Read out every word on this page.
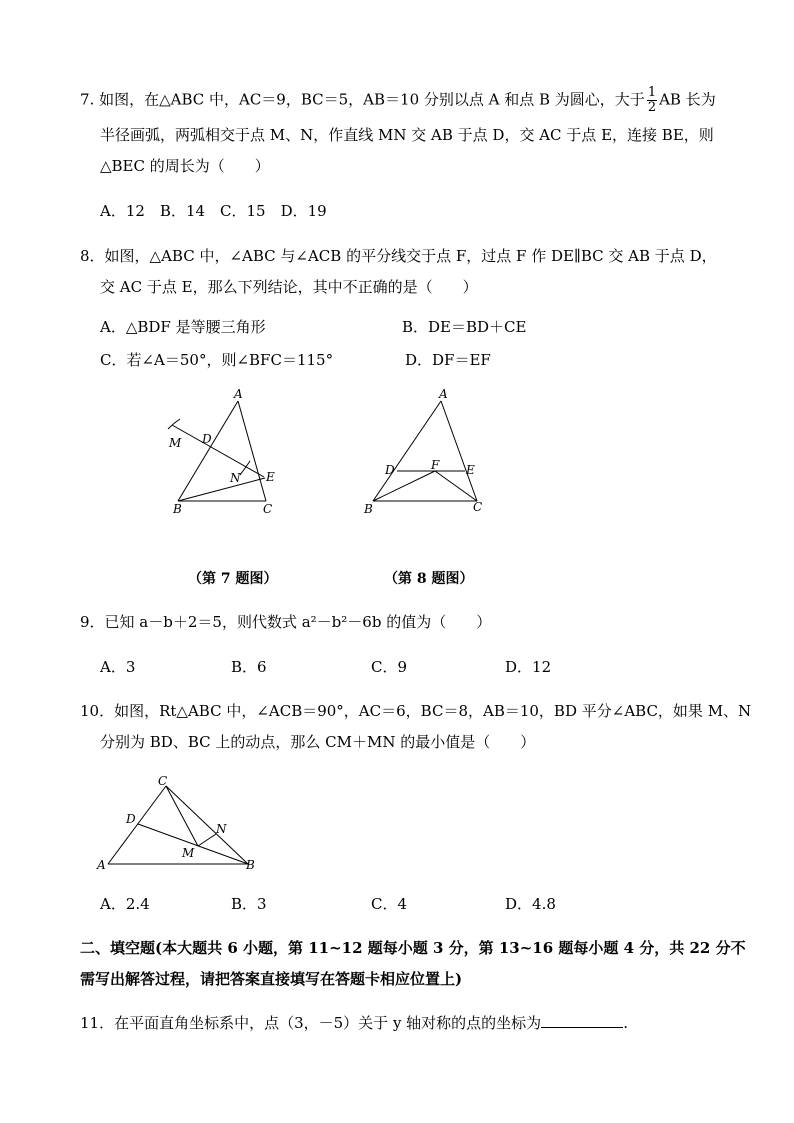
7. 如图，在△ABC 中，AC＝9，BC＝5，AB＝10 分别以点 A 和点 B 为圆心，大于 $\frac{1}{2}$ AB 长为
半径画弧，两弧相交于点 M、N，作直线 MN 交 AB 于点 D，交 AC 于点 E，连接 BE，则
△BEC 的周长为（　　）
A．12　B．14　C．15　D．19
8．如图，△ABC 中，∠ABC 与∠ACB 的平分线交于点 F，过点 F 作 DE∥BC 交 AB 于点 D，
交 AC 于点 E，那么下列结论，其中不正确的是（　　）
A．△BDF 是等腰三角形	B．DE＝BD＋CE
C．若∠A＝50°，则∠BFC＝115°	D．DF＝EF
A
M D
N E
B	C
A
D	F E
B	C
（第 7 题图）	（第 8 题图）
9．已知 a－b＋2＝5，则代数式 a²－b²－6b 的值为（　　）
A．3	B．6	C．9	D．12
10．如图，Rt△ABC 中，∠ACB＝90°，AC＝6，BC＝8，AB＝10，BD 平分∠ABC，如果 M、N
分别为 BD、BC 上的动点，那么 CM＋MN 的最小值是（　　）
C
D
N
M
A	B
A．2.4	B．3	C．4	D．4.8
二、填空题(本大题共 6 小题，第 11~12 题每小题 3 分，第 13~16 题每小题 4 分，共 22 分不
需写出解答过程，请把答案直接填写在答题卡相应位置上)
11．在平面直角坐标系中，点（3，－5）关于 y 轴对称的点的坐标为	.
